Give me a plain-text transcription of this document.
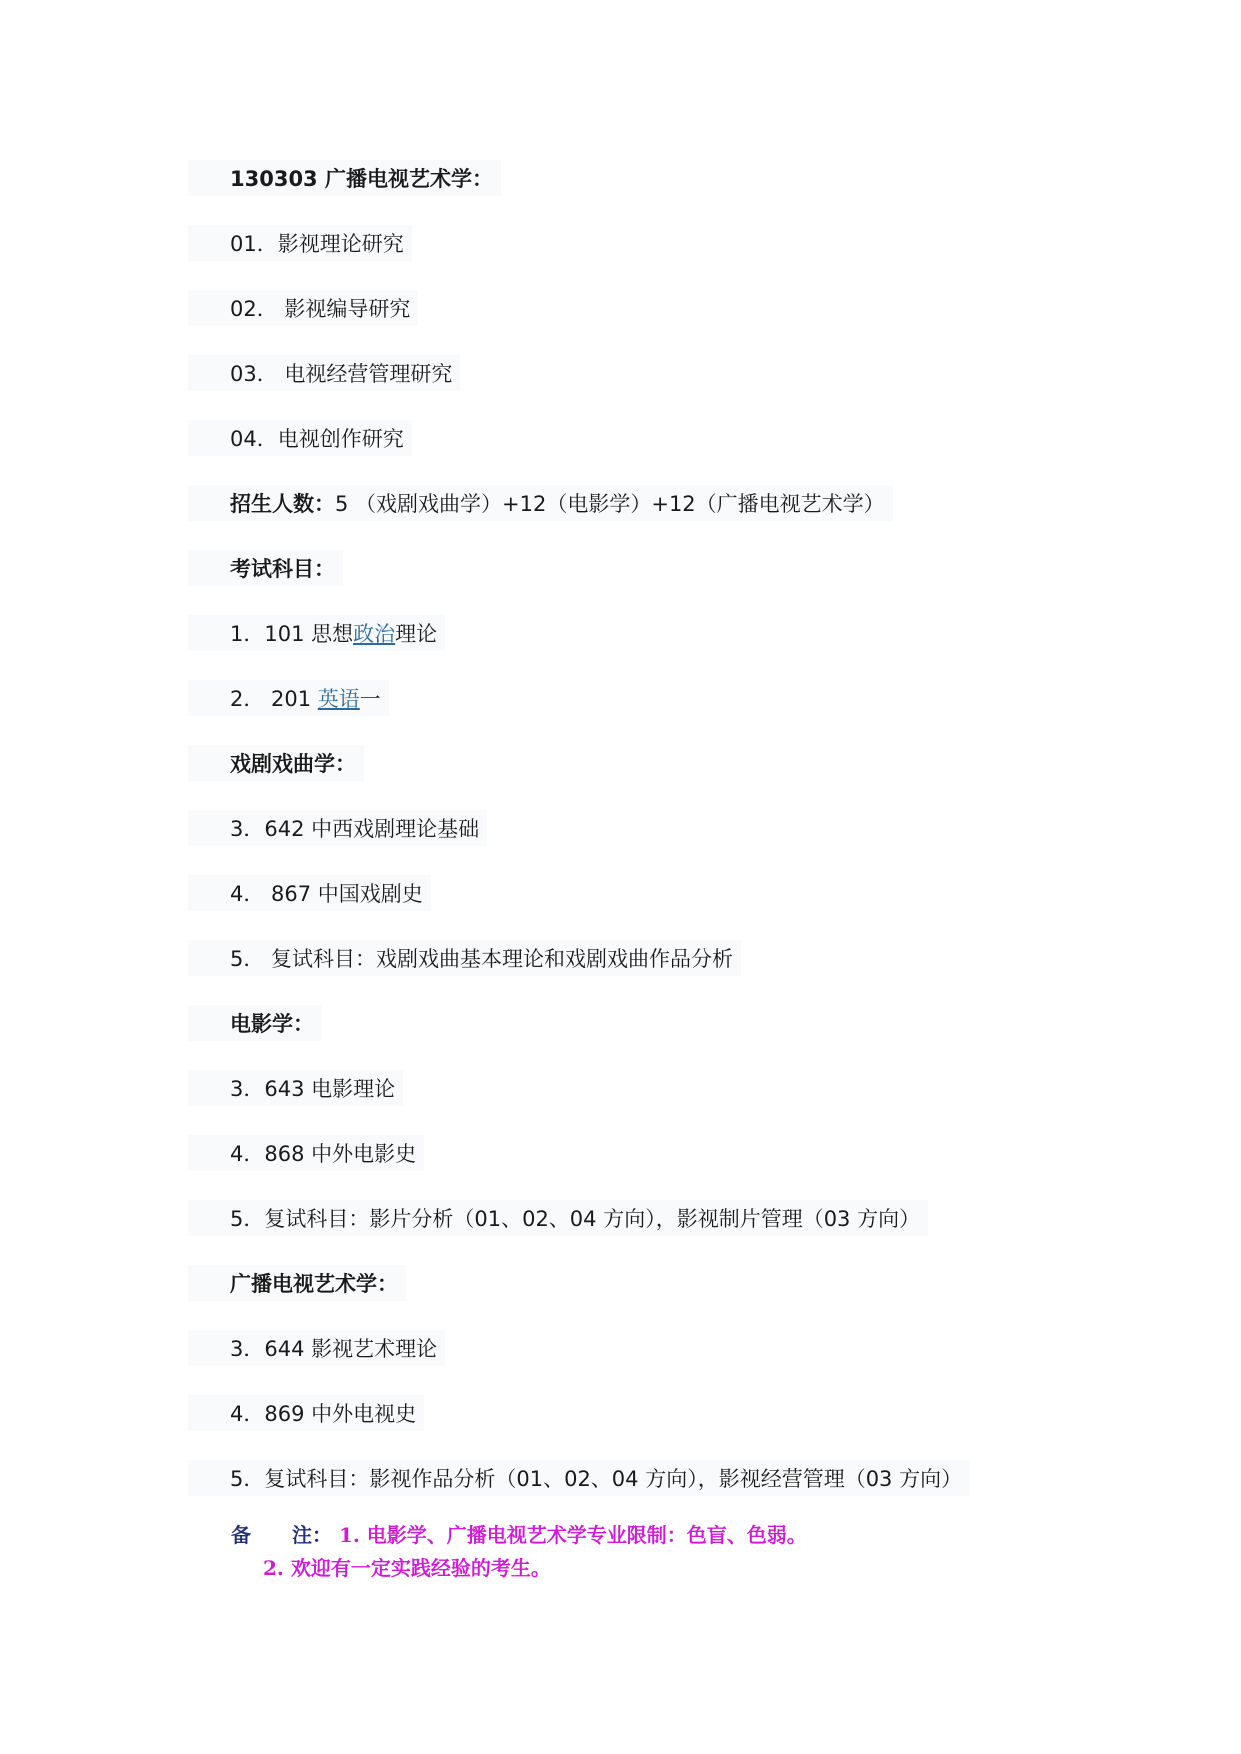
130303 广播电视艺术学：
01．影视理论研究
02． 影视编导研究
03． 电视经营管理研究
04．电视创作研究
招生人数： 5 （戏剧戏曲学）+12（电影学）+12（广播电视艺术学）
考试科目：
1．101 思想 政治 理论
2． 201 英语 一
戏剧戏曲学：
3．642 中西戏剧理论基础
4． 867 中国戏剧史
5． 复试科目：戏剧戏曲基本理论和戏剧戏曲作品分析
电影学：
3．643 电影理论
4．868 中外电影史
5．复试科目：影片分析（01、02、04 方向），影视制片管理（03 方向）
广播电视艺术学：
3．644 影视艺术理论
4．869 中外电视史
5．复试科目：影视作品分析（01、02、04 方向），影视经营管理（03 方向）
备 注： 1. 电影学、广播电视艺术学专业限制：色盲、色弱。
2. 欢迎有一定实践经验的考生。
